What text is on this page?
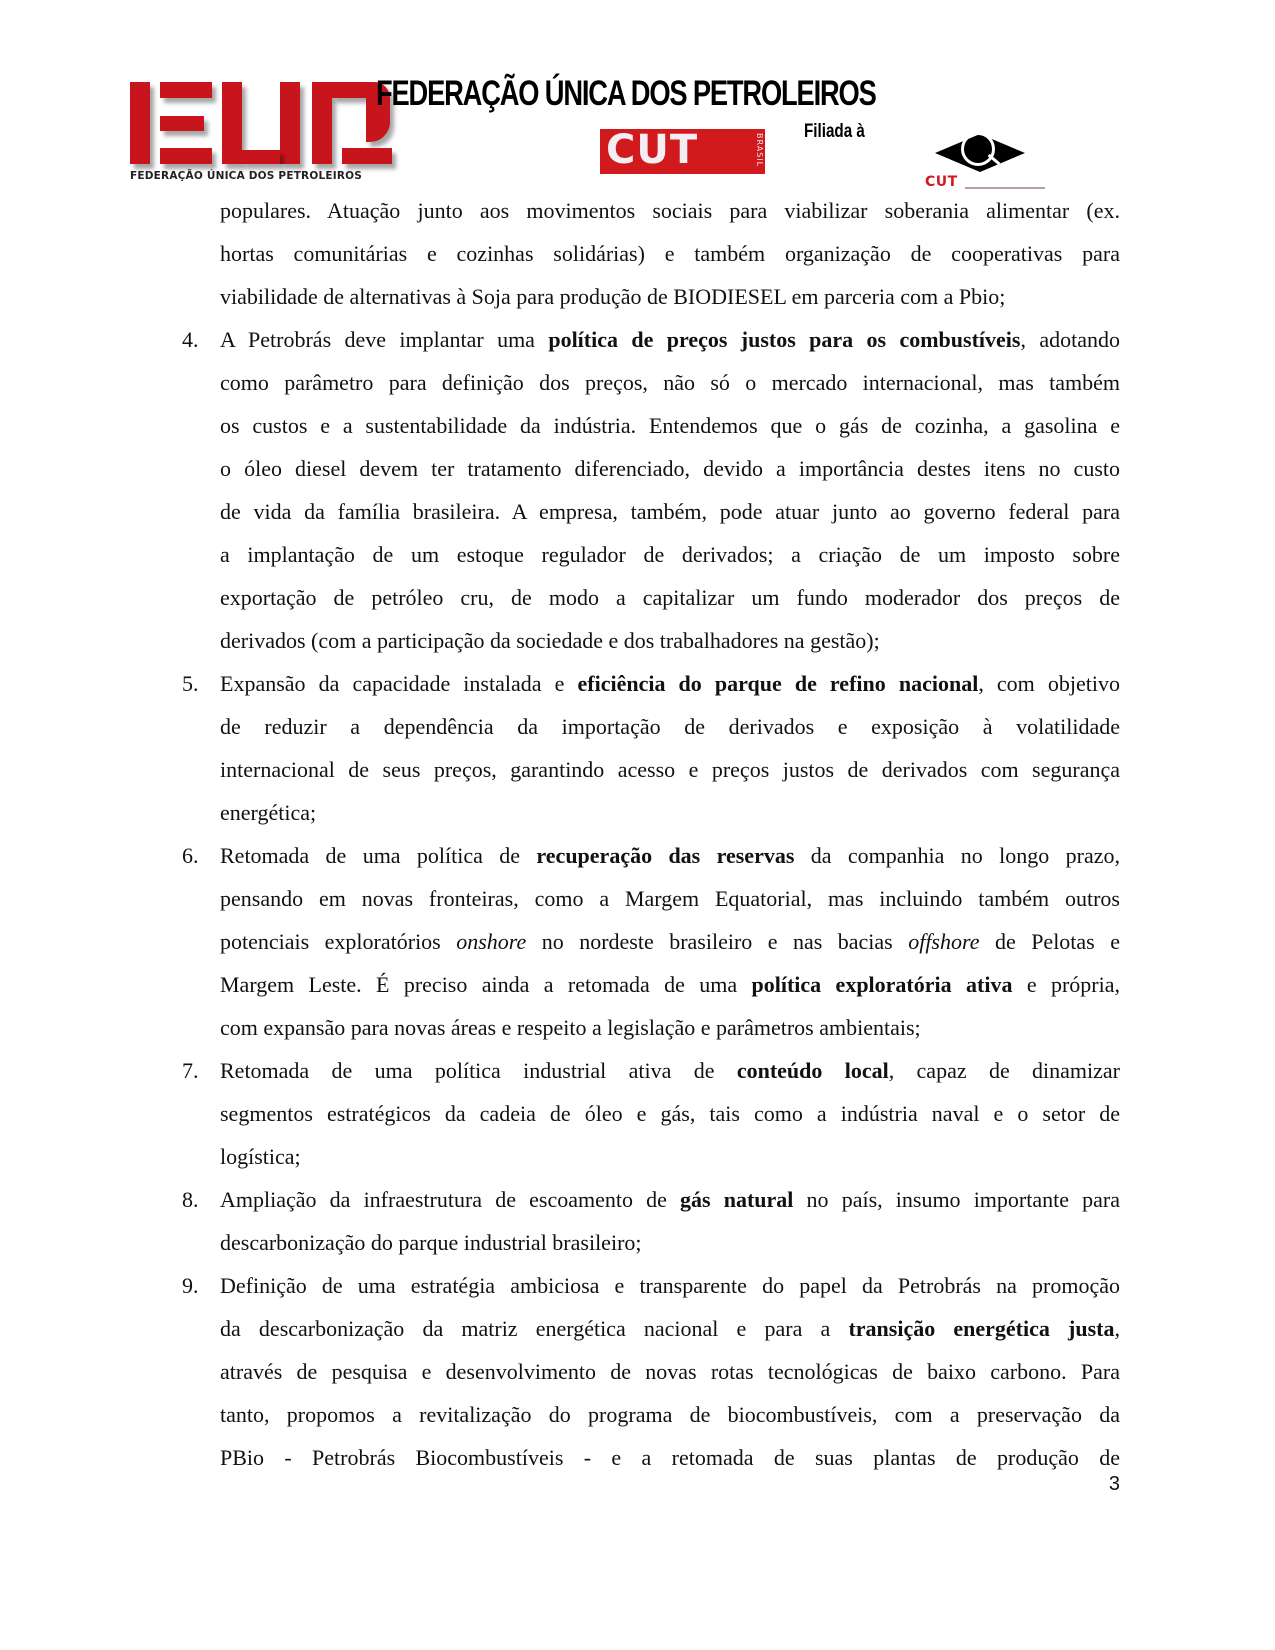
FEDERAÇÃO ÚNICA DOS PETROLEIROS
FEDERAÇÃO ÚNICA DOS PETROLEIROS
Filiada à
CUT	BRASIL
CUT
populares. Atuação junto aos movimentos sociais para viabilizar soberania alimentar (ex.
hortas comunitárias e cozinhas solidárias) e também organização de cooperativas para
viabilidade de alternativas à Soja para produção de BIODIESEL em parceria com a Pbio;
4. A Petrobrás deve implantar uma política de preços justos para os combustíveis, adotando
como parâmetro para definição dos preços, não só o mercado internacional, mas também
os custos e a sustentabilidade da indústria. Entendemos que o gás de cozinha, a gasolina e
o óleo diesel devem ter tratamento diferenciado, devido a importância destes itens no custo
de vida da família brasileira. A empresa, também, pode atuar junto ao governo federal para
a implantação de um estoque regulador de derivados; a criação de um imposto sobre
exportação de petróleo cru, de modo a capitalizar um fundo moderador dos preços de
derivados (com a participação da sociedade e dos trabalhadores na gestão);
5. Expansão da capacidade instalada e eficiência do parque de refino nacional, com objetivo
de reduzir a dependência da importação de derivados e exposição à volatilidade
internacional de seus preços, garantindo acesso e preços justos de derivados com segurança
energética;
6. Retomada de uma política de recuperação das reservas da companhia no longo prazo,
pensando em novas fronteiras, como a Margem Equatorial, mas incluindo também outros
potenciais exploratórios onshore no nordeste brasileiro e nas bacias offshore de Pelotas e
Margem Leste. É preciso ainda a retomada de uma política exploratória ativa e própria,
com expansão para novas áreas e respeito a legislação e parâmetros ambientais;
7. Retomada de uma política industrial ativa de conteúdo local, capaz de dinamizar
segmentos estratégicos da cadeia de óleo e gás, tais como a indústria naval e o setor de
logística;
8. Ampliação da infraestrutura de escoamento de gás natural no país, insumo importante para
descarbonização do parque industrial brasileiro;
9. Definição de uma estratégia ambiciosa e transparente do papel da Petrobrás na promoção
da descarbonização da matriz energética nacional e para a transição energética justa,
através de pesquisa e desenvolvimento de novas rotas tecnológicas de baixo carbono. Para
tanto, propomos a revitalização do programa de biocombustíveis, com a preservação da
PBio - Petrobrás Biocombustíveis - e a retomada de suas plantas de produção de
3
